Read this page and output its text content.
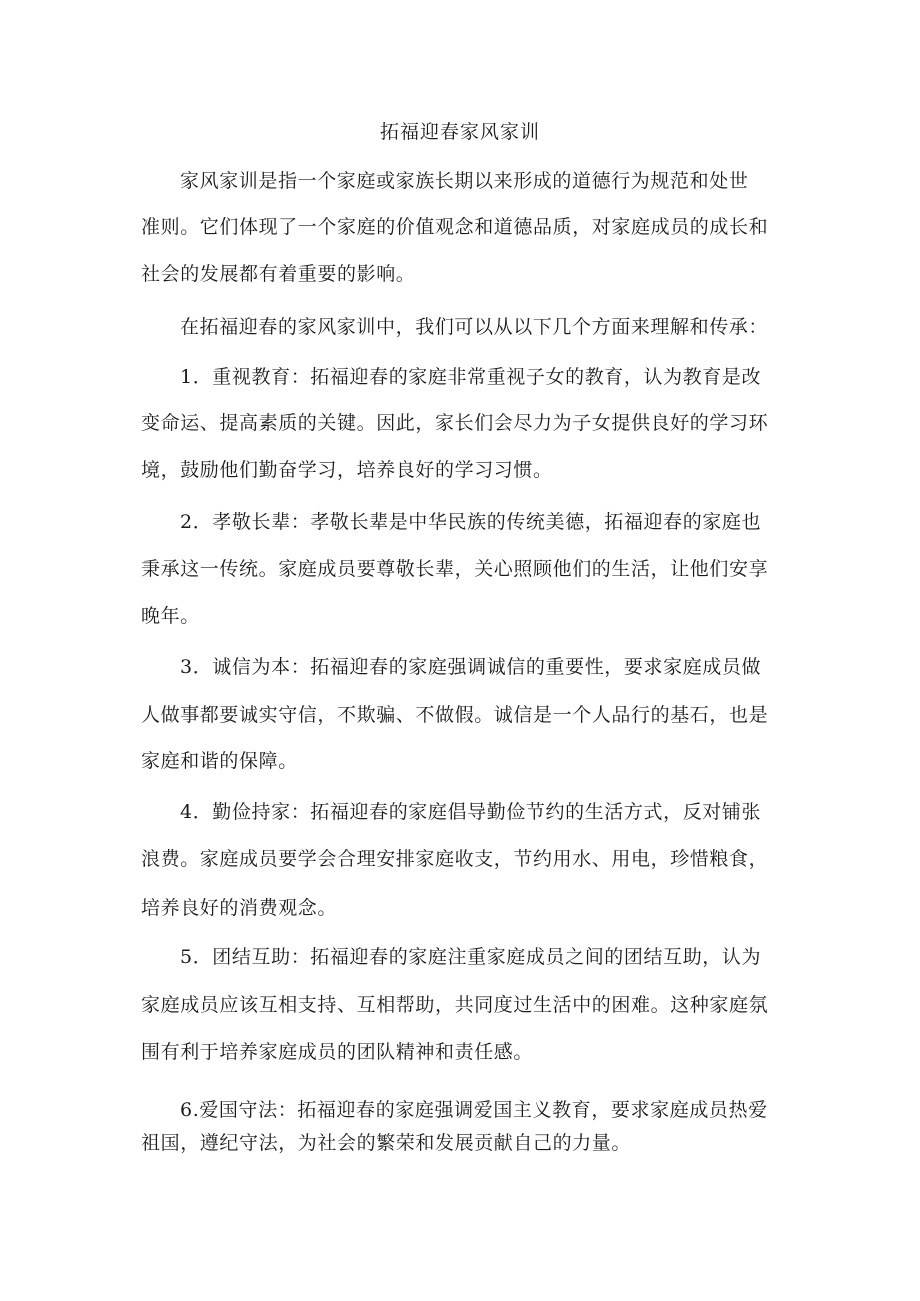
拓福迎春家风家训
家风家训是指一个家庭或家族长期以来形成的道德行为规范和处世
准则。它们体现了一个家庭的价值观念和道德品质，对家庭成员的成长和
社会的发展都有着重要的影响。
在拓福迎春的家风家训中，我们可以从以下几个方面来理解和传承：
1．重视教育：拓福迎春的家庭非常重视子女的教育，认为教育是改
变命运、提高素质的关键。因此，家长们会尽力为子女提供良好的学习环
境，鼓励他们勤奋学习，培养良好的学习习惯。
2．孝敬长辈：孝敬长辈是中华民族的传统美德，拓福迎春的家庭也
秉承这一传统。家庭成员要尊敬长辈，关心照顾他们的生活，让他们安享
晚年。
3．诚信为本：拓福迎春的家庭强调诚信的重要性，要求家庭成员做
人做事都要诚实守信，不欺骗、不做假。诚信是一个人品行的基石，也是
家庭和谐的保障。
4．勤俭持家：拓福迎春的家庭倡导勤俭节约的生活方式，反对铺张
浪费。家庭成员要学会合理安排家庭收支，节约用水、用电，珍惜粮食，
培养良好的消费观念。
5．团结互助：拓福迎春的家庭注重家庭成员之间的团结互助，认为
家庭成员应该互相支持、互相帮助，共同度过生活中的困难。这种家庭氛
围有利于培养家庭成员的团队精神和责任感。
6.爱国守法：拓福迎春的家庭强调爱国主义教育，要求家庭成员热爱
祖国，遵纪守法，为社会的繁荣和发展贡献自己的力量。
